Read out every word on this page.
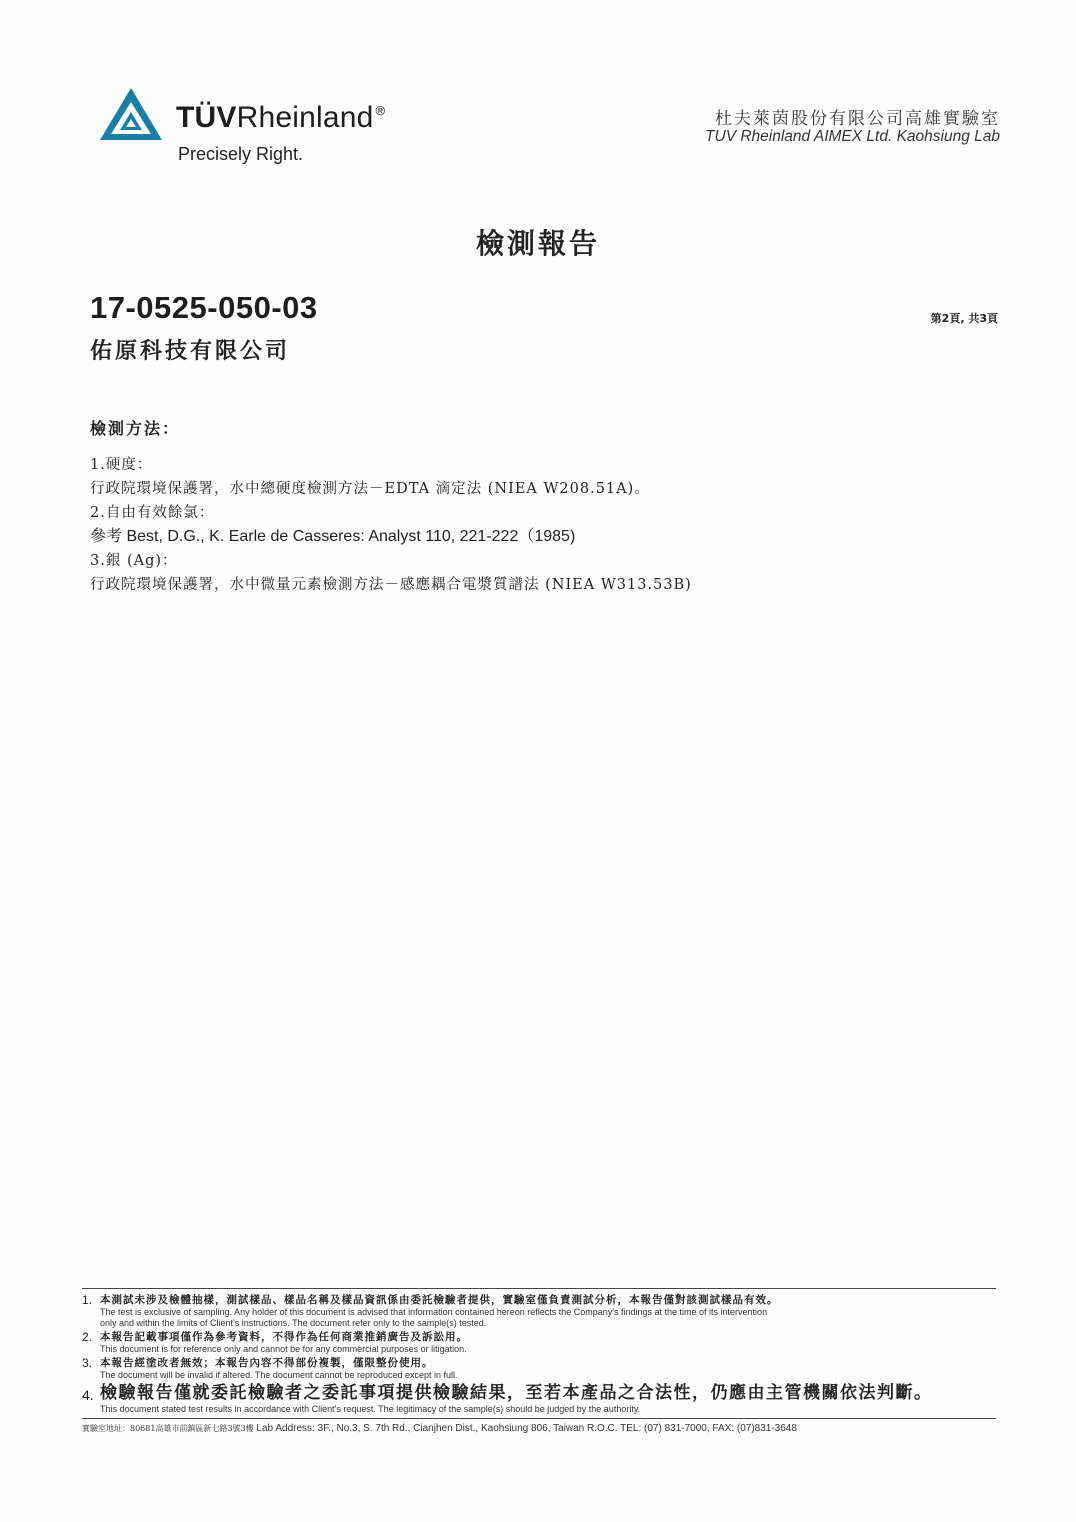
TÜVRheinland ®
Precisely Right.
杜夫萊茵股份有限公司高雄實驗室
TUV Rheinland AIMEX Ltd. Kaohsiung Lab
檢測報告
17-0525-050-03	第2頁, 共3頁
佑原科技有限公司
檢測方法：
1.硬度：
行政院環境保護署，水中總硬度檢測方法－EDTA 滴定法 (NIEA W208.51A)。
2.自由有效餘氯：
參考 Best, D.G., K. Earle de Casseres: Analyst 110, 221-222（1985)
3.銀 (Ag)：
行政院環境保護署，水中微量元素檢測方法－感應耦合電漿質譜法 (NIEA W313.53B)
1. 本測試未涉及檢體抽樣，測試樣品、樣品名稱及樣品資訊係由委託檢驗者提供，實驗室僅負責測試分析，本報告僅對該測試樣品有效。
The test is exclusive of sampling. Any holder of this document is advised that information contained hereon reflects the Company's findings at the time of its intervention
only and within the limits of Client's instructions. The document refer only to the sample(s) tested.
2. 本報告記載事項僅作為參考資料，不得作為任何商業推銷廣告及訴訟用。
This document is for reference only and cannot be for any commercial purposes or litigation.
3. 本報告經塗改者無效；本報告內容不得部份複製，僅限整份使用。
The document will be invalid if altered. The document cannot be reproduced except in full.
4. 檢驗報告僅就委託檢驗者之委託事項提供檢驗結果，至若本產品之合法性，仍應由主管機關依法判斷。
This document stated test results in accordance with Client's request. The legitimacy of the sample(s) should be judged by the authority.
實驗室地址：80681高雄市前鎮區新七路3號3樓 Lab Address: 3F., No.3, S. 7th Rd., Cianjhen Dist., Kaohsiung 806, Taiwan R.O.C. TEL: (07) 831-7000, FAX: (07)831-3648
